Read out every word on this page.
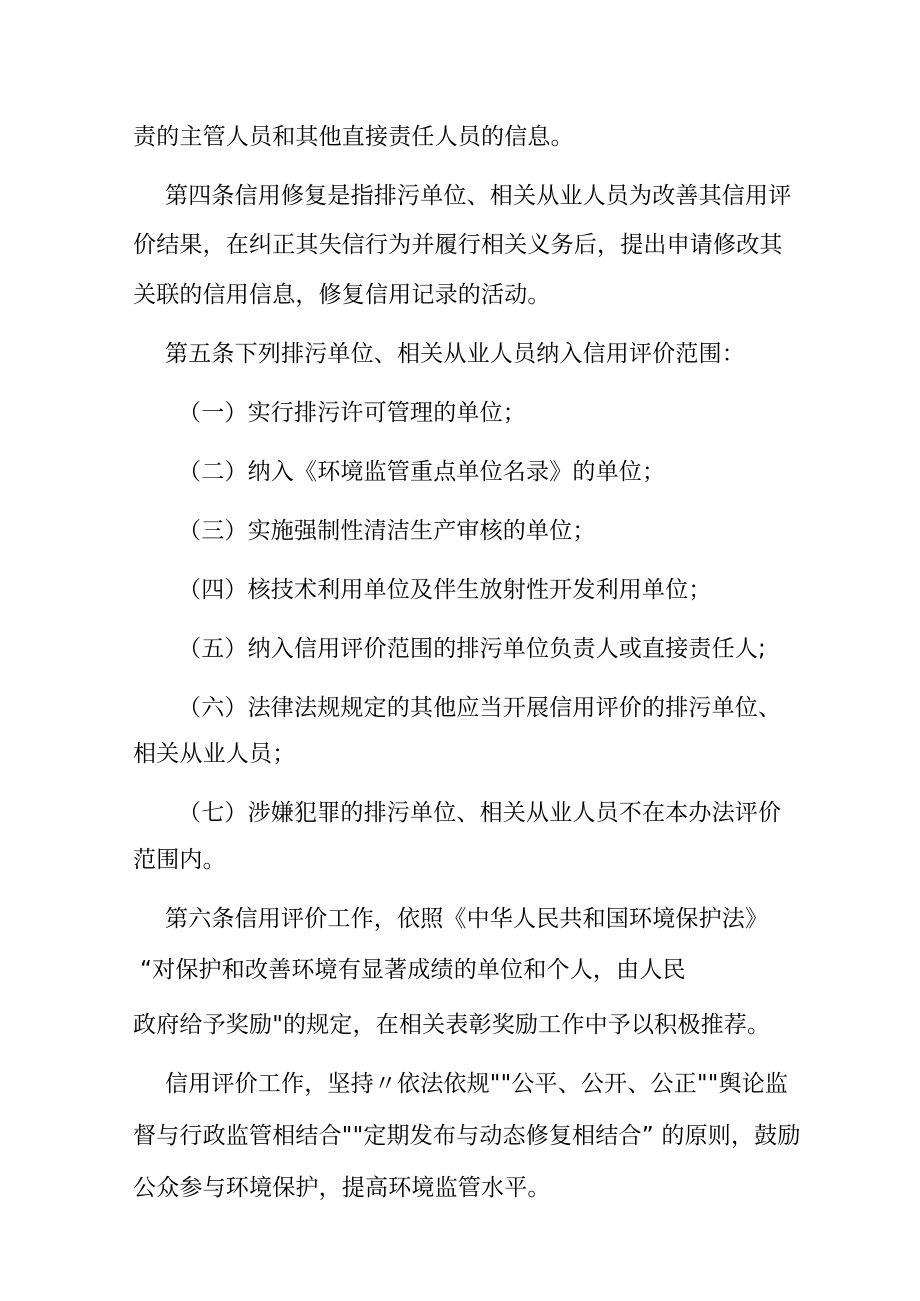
责的主管人员和其他直接责任人员的信息。
第四条信用修复是指排污单位、相关从业人员为改善其信用评
价结果，在纠正其失信行为并履行相关义务后，提出申请修改其
关联的信用信息，修复信用记录的活动。
第五条下列排污单位、相关从业人员纳入信用评价范围：
（一）实行排污许可管理的单位；
（二）纳入《环境监管重点单位名录》的单位；
（三）实施强制性清洁生产审核的单位；
（四）核技术利用单位及伴生放射性开发利用单位；
（五）纳入信用评价范围的排污单位负责人或直接责任人;
（六）法律法规规定的其他应当开展信用评价的排污单位、
相关从业人员；
（七）涉嫌犯罪的排污单位、相关从业人员不在本办法评价
范围内。
第六条信用评价工作，依照《中华人民共和国环境保护法》
“对保护和改善环境有显著成绩的单位和个人，由人民
政府给予奖励"的规定，在相关表彰奖励工作中予以积极推荐。
信用评价工作，坚持〃依法依规""公平、公开、公正""舆论监
督与行政监管相结合""定期发布与动态修复相结合” 的原则，鼓励
公众参与环境保护，提高环境监管水平。
